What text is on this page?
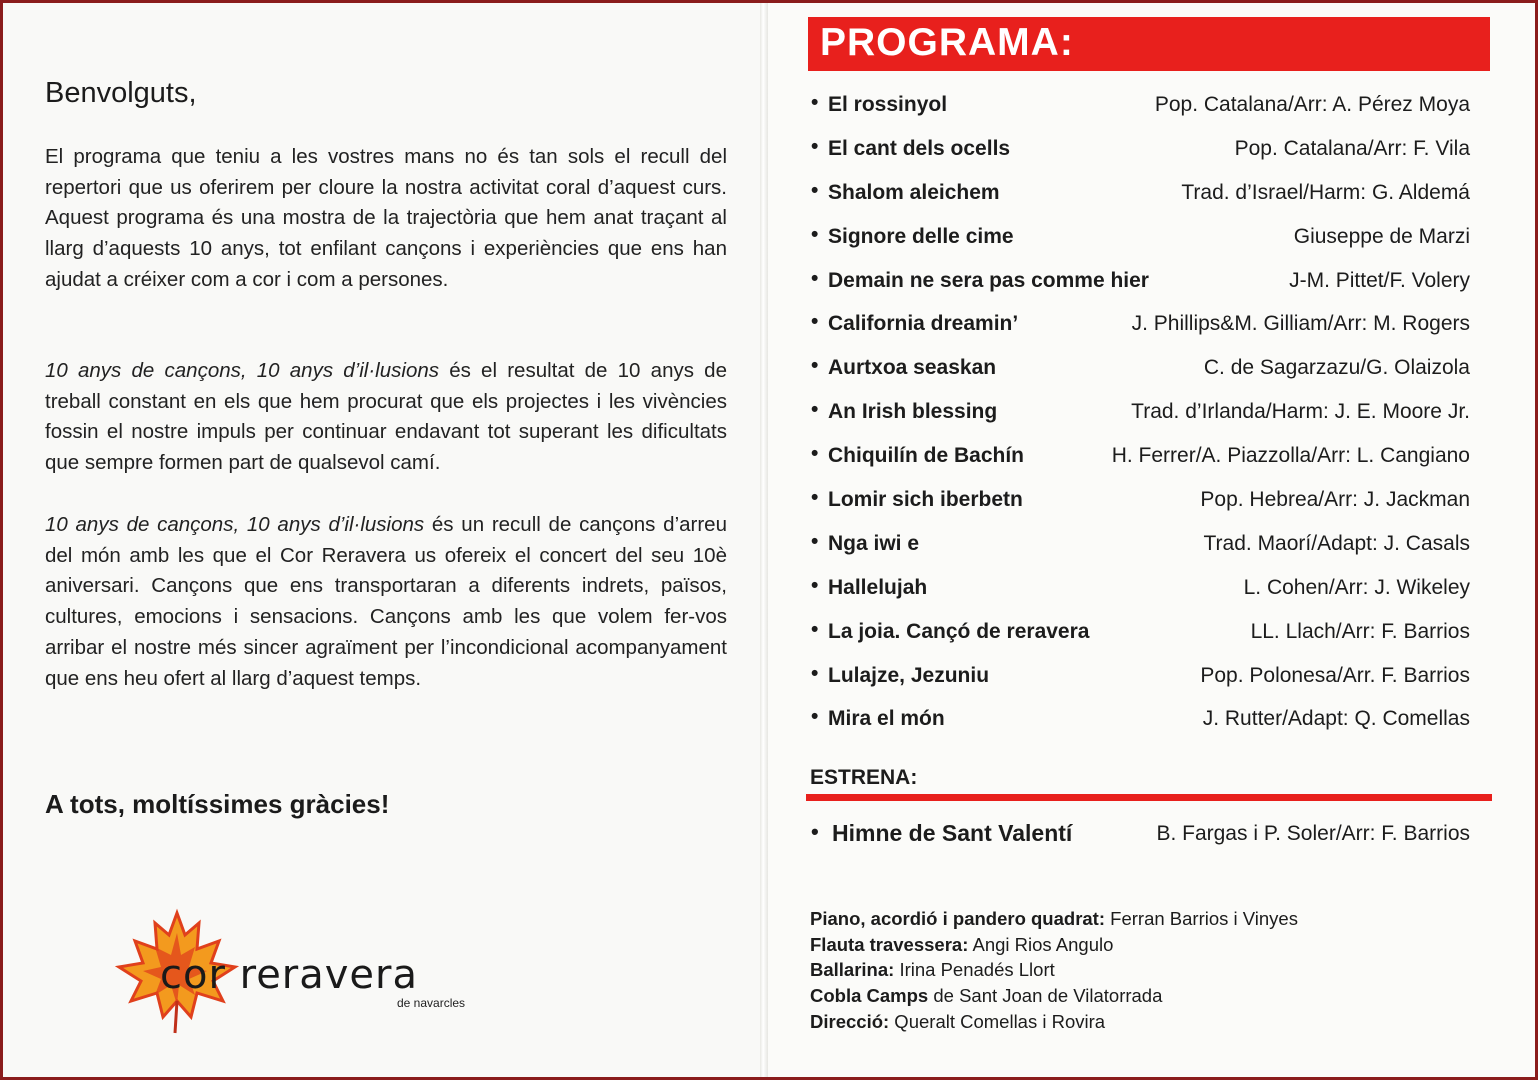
Benvolguts,

El programa que teniu a les vostres mans no és tan sols el recull del repertori que us oferirem per cloure la nostra activitat coral d’aquest curs. Aquest programa és una mostra de la trajectòria que hem anat traçant al llarg d’aquests 10 anys, tot enfilant cançons i experiències que ens han ajudat a créixer com a cor i com a persones.

10 anys de cançons, 10 anys d’il·lusions és el resultat de 10 anys de treball constant en els que hem procurat que els projectes i les vivències fossin el nostre impuls per continuar endavant tot superant les dificultats que sempre formen part de qualsevol camí.

10 anys de cançons, 10 anys d’il·lusions és un recull de cançons d’arreu del món amb les que el Cor Reravera us ofereix el concert del seu 10è aniversari. Cançons que ens transportaran a diferents indrets, països, cultures, emocions i sensacions. Cançons amb les que volem fer-vos arribar el nostre més sincer agraïment per l’incondicional acompanyament que ens heu ofert al llarg d’aquest temps.

A tots, moltíssimes gràcies!

cor reravera
de navarcles
PROGRAMA:
• El rossinyol	Pop. Catalana/Arr: A. Pérez Moya
• El cant dels ocells	Pop. Catalana/Arr: F. Vila
• Shalom aleichem	Trad. d’Israel/Harm: G. Aldemá
• Signore delle cime	Giuseppe de Marzi
• Demain ne sera pas comme hier	J-M. Pittet/F. Volery
• California dreamin’	J. Phillips&M. Gilliam/Arr: M. Rogers
• Aurtxoa seaskan	C. de Sagarzazu/G. Olaizola
• An Irish blessing	Trad. d’Irlanda/Harm: J. E. Moore Jr.
• Chiquilín de Bachín	H. Ferrer/A. Piazzolla/Arr: L. Cangiano
• Lomir sich iberbetn	Pop. Hebrea/Arr: J. Jackman
• Nga iwi e	Trad. Maorí/Adapt: J. Casals
• Hallelujah	L. Cohen/Arr: J. Wikeley
• La joia. Cançó de reravera	LL. Llach/Arr: F. Barrios
• Lulajze, Jezuniu	Pop. Polonesa/Arr. F. Barrios
• Mira el món	J. Rutter/Adapt: Q. Comellas
ESTRENA:
• Himne de Sant Valentí	B. Fargas i P. Soler/Arr: F. Barrios
Piano, acordió i pandero quadrat: Ferran Barrios i Vinyes
Flauta travessera: Angi Rios Angulo
Ballarina: Irina Penadés Llort
Cobla Camps de Sant Joan de Vilatorrada
Direcció: Queralt Comellas i Rovira
